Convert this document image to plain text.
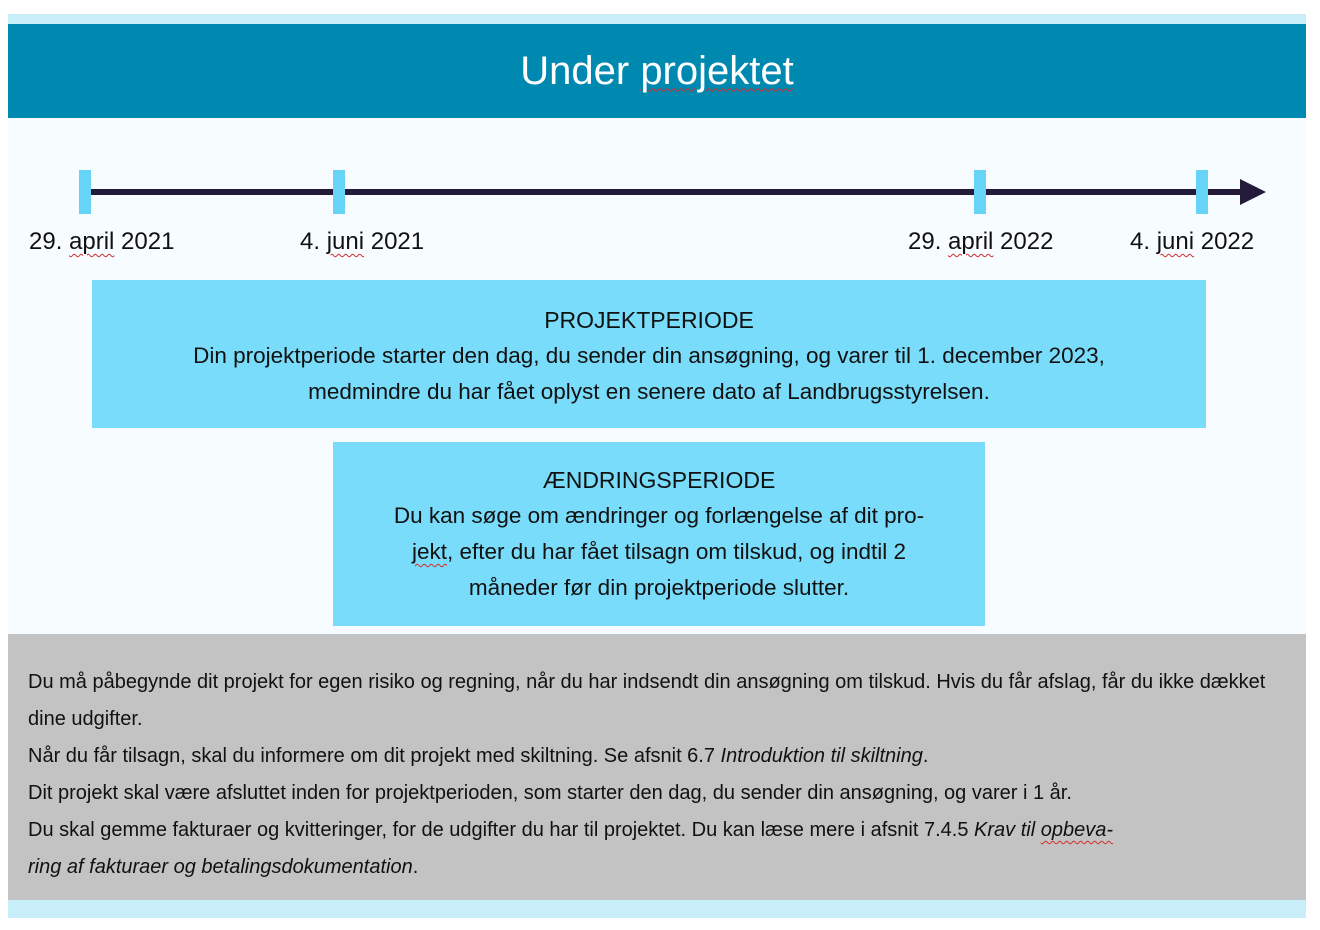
Under projektet
29. april 2021	4. juni 2021	29. april 2022	4. juni 2022
PROJEKTPERIODE
Din projektperiode starter den dag, du sender din ansøgning, og varer til 1. december 2023,
medmindre du har fået oplyst en senere dato af Landbrugsstyrelsen.
ÆNDRINGSPERIODE
Du kan søge om ændringer og forlængelse af dit pro-
jekt, efter du har fået tilsagn om tilskud, og indtil 2
måneder før din projektperiode slutter.

Du må påbegynde dit projekt for egen risiko og regning, når du har indsendt din ansøgning om tilskud. Hvis du får afslag, får du ikke dækket dine udgifter.

Når du får tilsagn, skal du informere om dit projekt med skiltning. Se afsnit 6.7 Introduktion til skiltning.

Dit projekt skal være afsluttet inden for projektperioden, som starter den dag, du sender din ansøgning, og varer i 1 år.

Du skal gemme fakturaer og kvitteringer, for de udgifter du har til projektet. Du kan læse mere i afsnit 7.4.5 Krav til opbeva-
ring af fakturaer og betalingsdokumentation.
